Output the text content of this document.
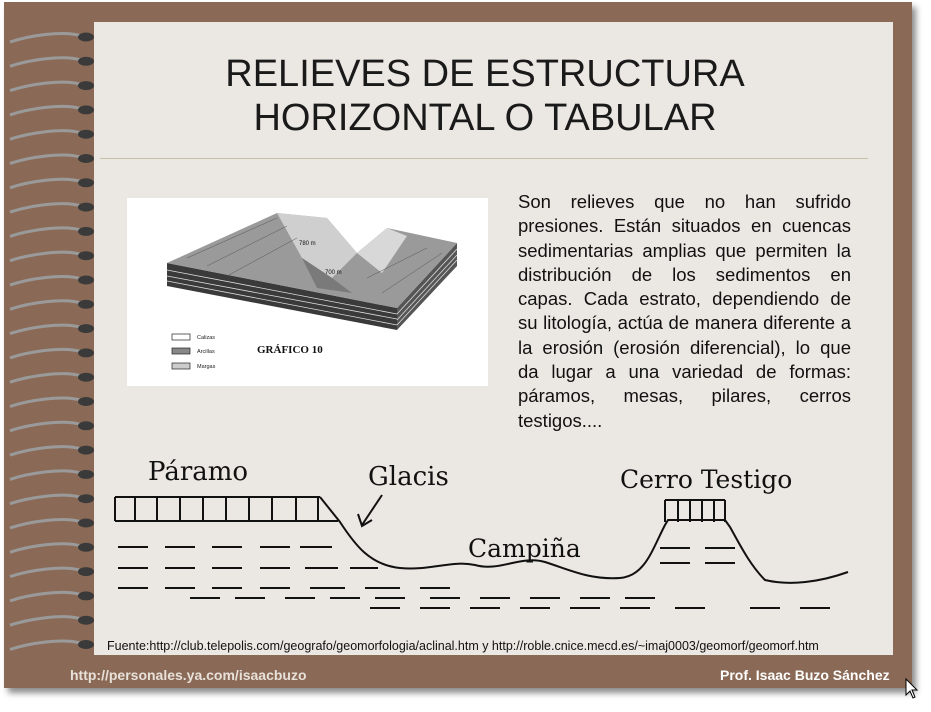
RELIEVES DE ESTRUCTURA
HORIZONTAL O TABULAR
780 m
700 m
Calizas
Arcillas
Margas
GRÁFICO 10
Son relieves que no han sufrido presiones. Están situados en cuencas sedimentarias amplias que permiten la distribución de los sedimentos en capas. Cada estrato, dependiendo de su litología, actúa de manera diferente a la erosión (erosión diferencial), lo que da lugar a una variedad de formas: páramos, mesas, pilares, cerros testigos....
Páramo	Glacis
Campiña
Cerro Testigo
Fuente:http://club.telepolis.com/geografo/geomorfologia/aclinal.htm y http://roble.cnice.mecd.es/~imaj0003/geomorf/geomorf.htm
http://personales.ya.com/isaacbuzo	Prof. Isaac Buzo Sánchez
